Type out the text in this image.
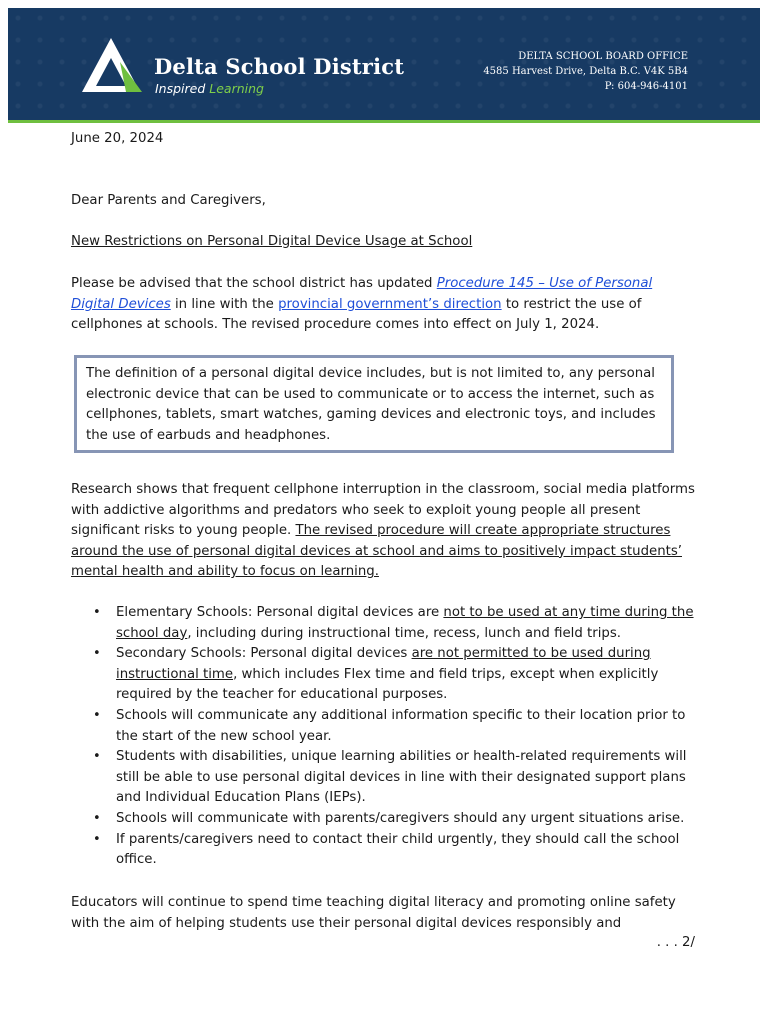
Delta School District
Inspired Learning
DELTA SCHOOL BOARD OFFICE
4585 Harvest Drive, Delta B.C. V4K 5B4
P: 604-946-4101

June 20, 2024

Dear Parents and Caregivers,

New Restrictions on Personal Digital Device Usage at School

Please be advised that the school district has updated Procedure 145 – Use of Personal Digital Devices in line with the provincial government’s direction to restrict the use of cellphones at schools. The revised procedure comes into effect on July 1, 2024.

The definition of a personal digital device includes, but is not limited to, any personal electronic device that can be used to communicate or to access the internet, such as cellphones, tablets, smart watches, gaming devices and electronic toys, and includes the use of earbuds and headphones.

Research shows that frequent cellphone interruption in the classroom, social media platforms with addictive algorithms and predators who seek to exploit young people all present significant risks to young people. The revised procedure will create appropriate structures around the use of personal digital devices at school and aims to positively impact students’ mental health and ability to focus on learning.

• Elementary Schools: Personal digital devices are not to be used at any time during the school day, including during instructional time, recess, lunch and field trips.
• Secondary Schools: Personal digital devices are not permitted to be used during instructional time, which includes Flex time and field trips, except when explicitly required by the teacher for educational purposes.
• Schools will communicate any additional information specific to their location prior to the start of the new school year.
• Students with disabilities, unique learning abilities or health-related requirements will still be able to use personal digital devices in line with their designated support plans and Individual Education Plans (IEPs).
• Schools will communicate with parents/caregivers should any urgent situations arise.
• If parents/caregivers need to contact their child urgently, they should call the school office.

Educators will continue to spend time teaching digital literacy and promoting online safety with the aim of helping students use their personal digital devices responsibly and

. . . 2/
